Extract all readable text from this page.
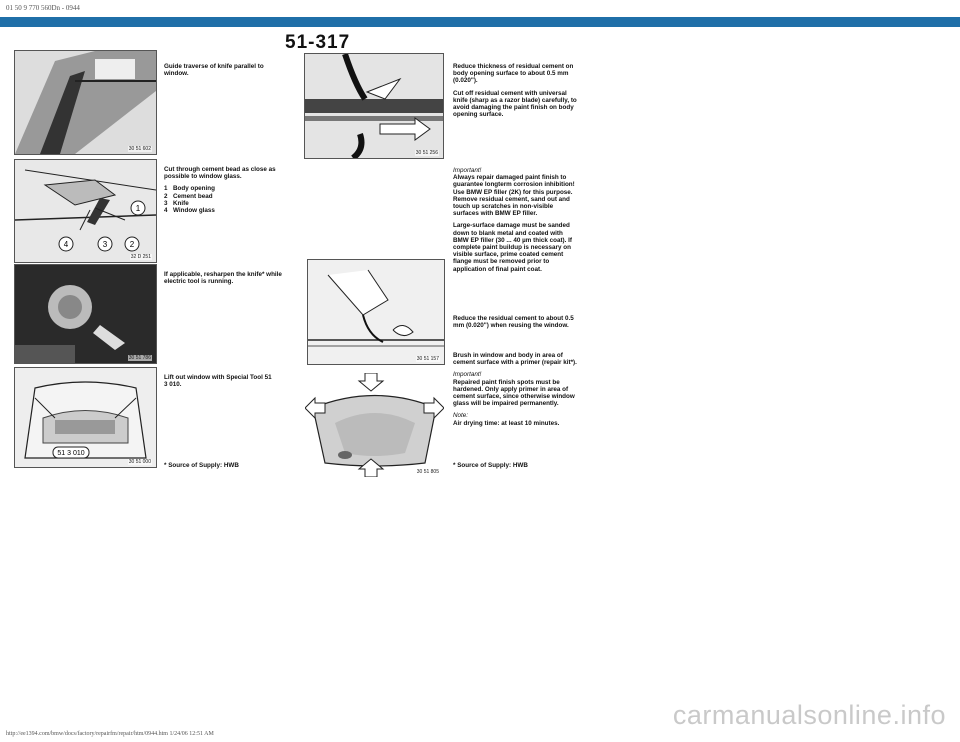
01 50 9 770 560Dn - 0944
51-317
30 51 602
1
2
3
4
32 D 251
30 51 786
51 3 010
30 51 000
Guide traverse of knife parallel to window.

Cut through cement bead as close as possible to window glass.

1 Body opening
2 Cement bead
3 Knife
4 Window glass
If applicable, resharpen the knife* while electric tool is running.
Lift out window with Special Tool 51 3 010.
* Source of Supply: HWB
30 51 256
30 51 157
30 51 805

Reduce thickness of residual cement on body opening surface to about 0.5 mm (0.020").

Cut off residual cement with universal knife (sharp as a razor blade) carefully, to avoid damaging the paint finish on body opening surface.

Important!

Always repair damaged paint finish to guarantee longterm corrosion inhibition! Use BMW EP filler (2K) for this purpose. Remove residual cement, sand out and touch up scratches in non-visible surfaces with BMW EP filler.

Large-surface damage must be sanded down to blank metal and coated with BMW EP filler (30 ... 40 µm thick coat). If complete paint buildup is necessary on visible surface, prime coated cement flange must be removed prior to application of final paint coat.

Reduce the residual cement to about 0.5 mm (0.020") when reusing the window.

Brush in window and body in area of cement surface with a primer (repair kit*).

Important!

Repaired paint finish spots must be hardened. Only apply primer in area of cement surface, since otherwise window glass will be impaired permanently.

Note:

Air drying time: at least 10 minutes.

* Source of Supply: HWB
http://ee1394.com/bmw/docs/factory/repairfm/repair/htm/0944.htm 1/24/06 12:51 AM
carmanualsonline.info
